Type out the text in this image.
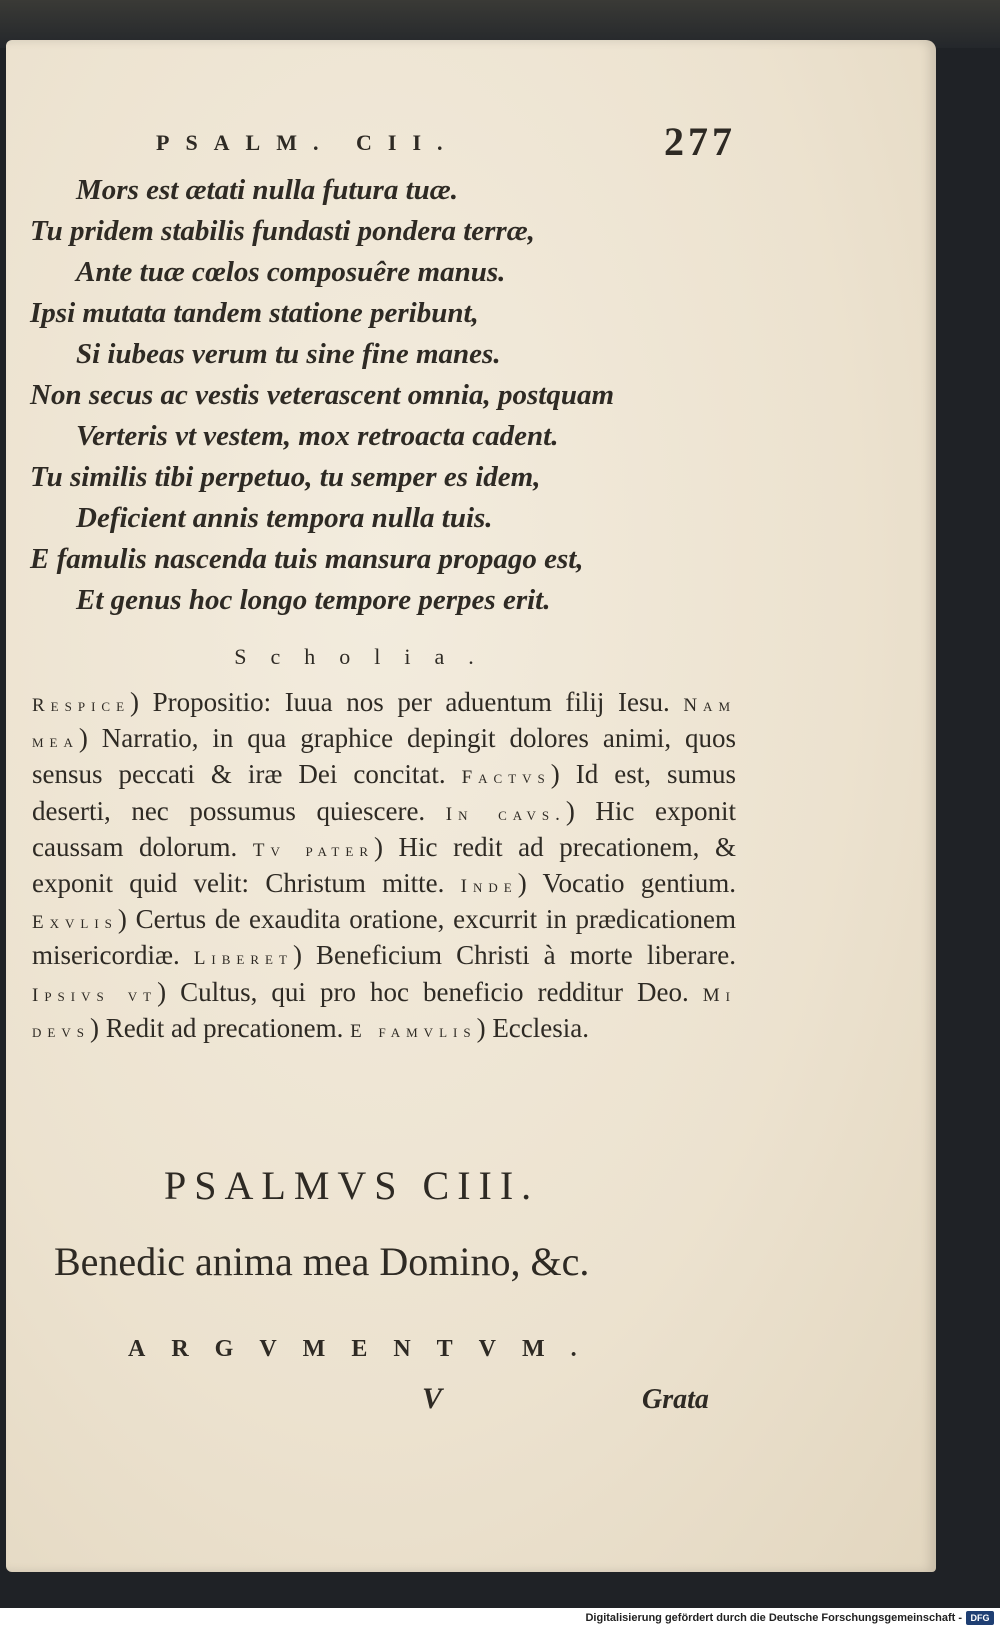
PSALM. CII.	277
Mors est ætati nulla futura tuæ.
Tu pridem stabilis fundasti pondera terræ,
Ante tuæ cœlos composuêre manus.
Ipsi mutata tandem statione peribunt,
Si iubeas verum tu sine fine manes.
Non secus ac vestis veterascent omnia, postquam
Verteris vt vestem, mox retroacta cadent.
Tu similis tibi perpetuo, tu semper es idem,
Deficient annis tempora nulla tuis.
E famulis nascenda tuis mansura propago est,
Et genus hoc longo tempore perpes erit.
Scholia.
Respice) Propositio: Iuua nos per aduentum filij Iesu. Nam mea) Narratio, in qua graphice depingit dolores animi, quos sensus peccati & iræ Dei concitat. Factvs) Id est, sumus deserti, nec possumus quiescere. In cavs.) Hic exponit caussam dolorum. Tv pater) Hic redit ad precationem, & exponit quid velit: Christum mitte. Inde) Vocatio gentium. Exvlis) Certus de exaudita oratione, excurrit in prædicationem misericordiæ. Liberet) Beneficium Christi à morte liberare. Ipsivs vt) Cultus, qui pro hoc beneficio redditur Deo. Mi devs) Redit ad precationem. E famvlis) Ecclesia.
PSALMVS CIII.
Benedic anima mea Domino, &c.
ARGVMENTVM.
V	Grata
Digitalisierung gefördert durch die Deutsche Forschungsgemeinschaft - DFG
